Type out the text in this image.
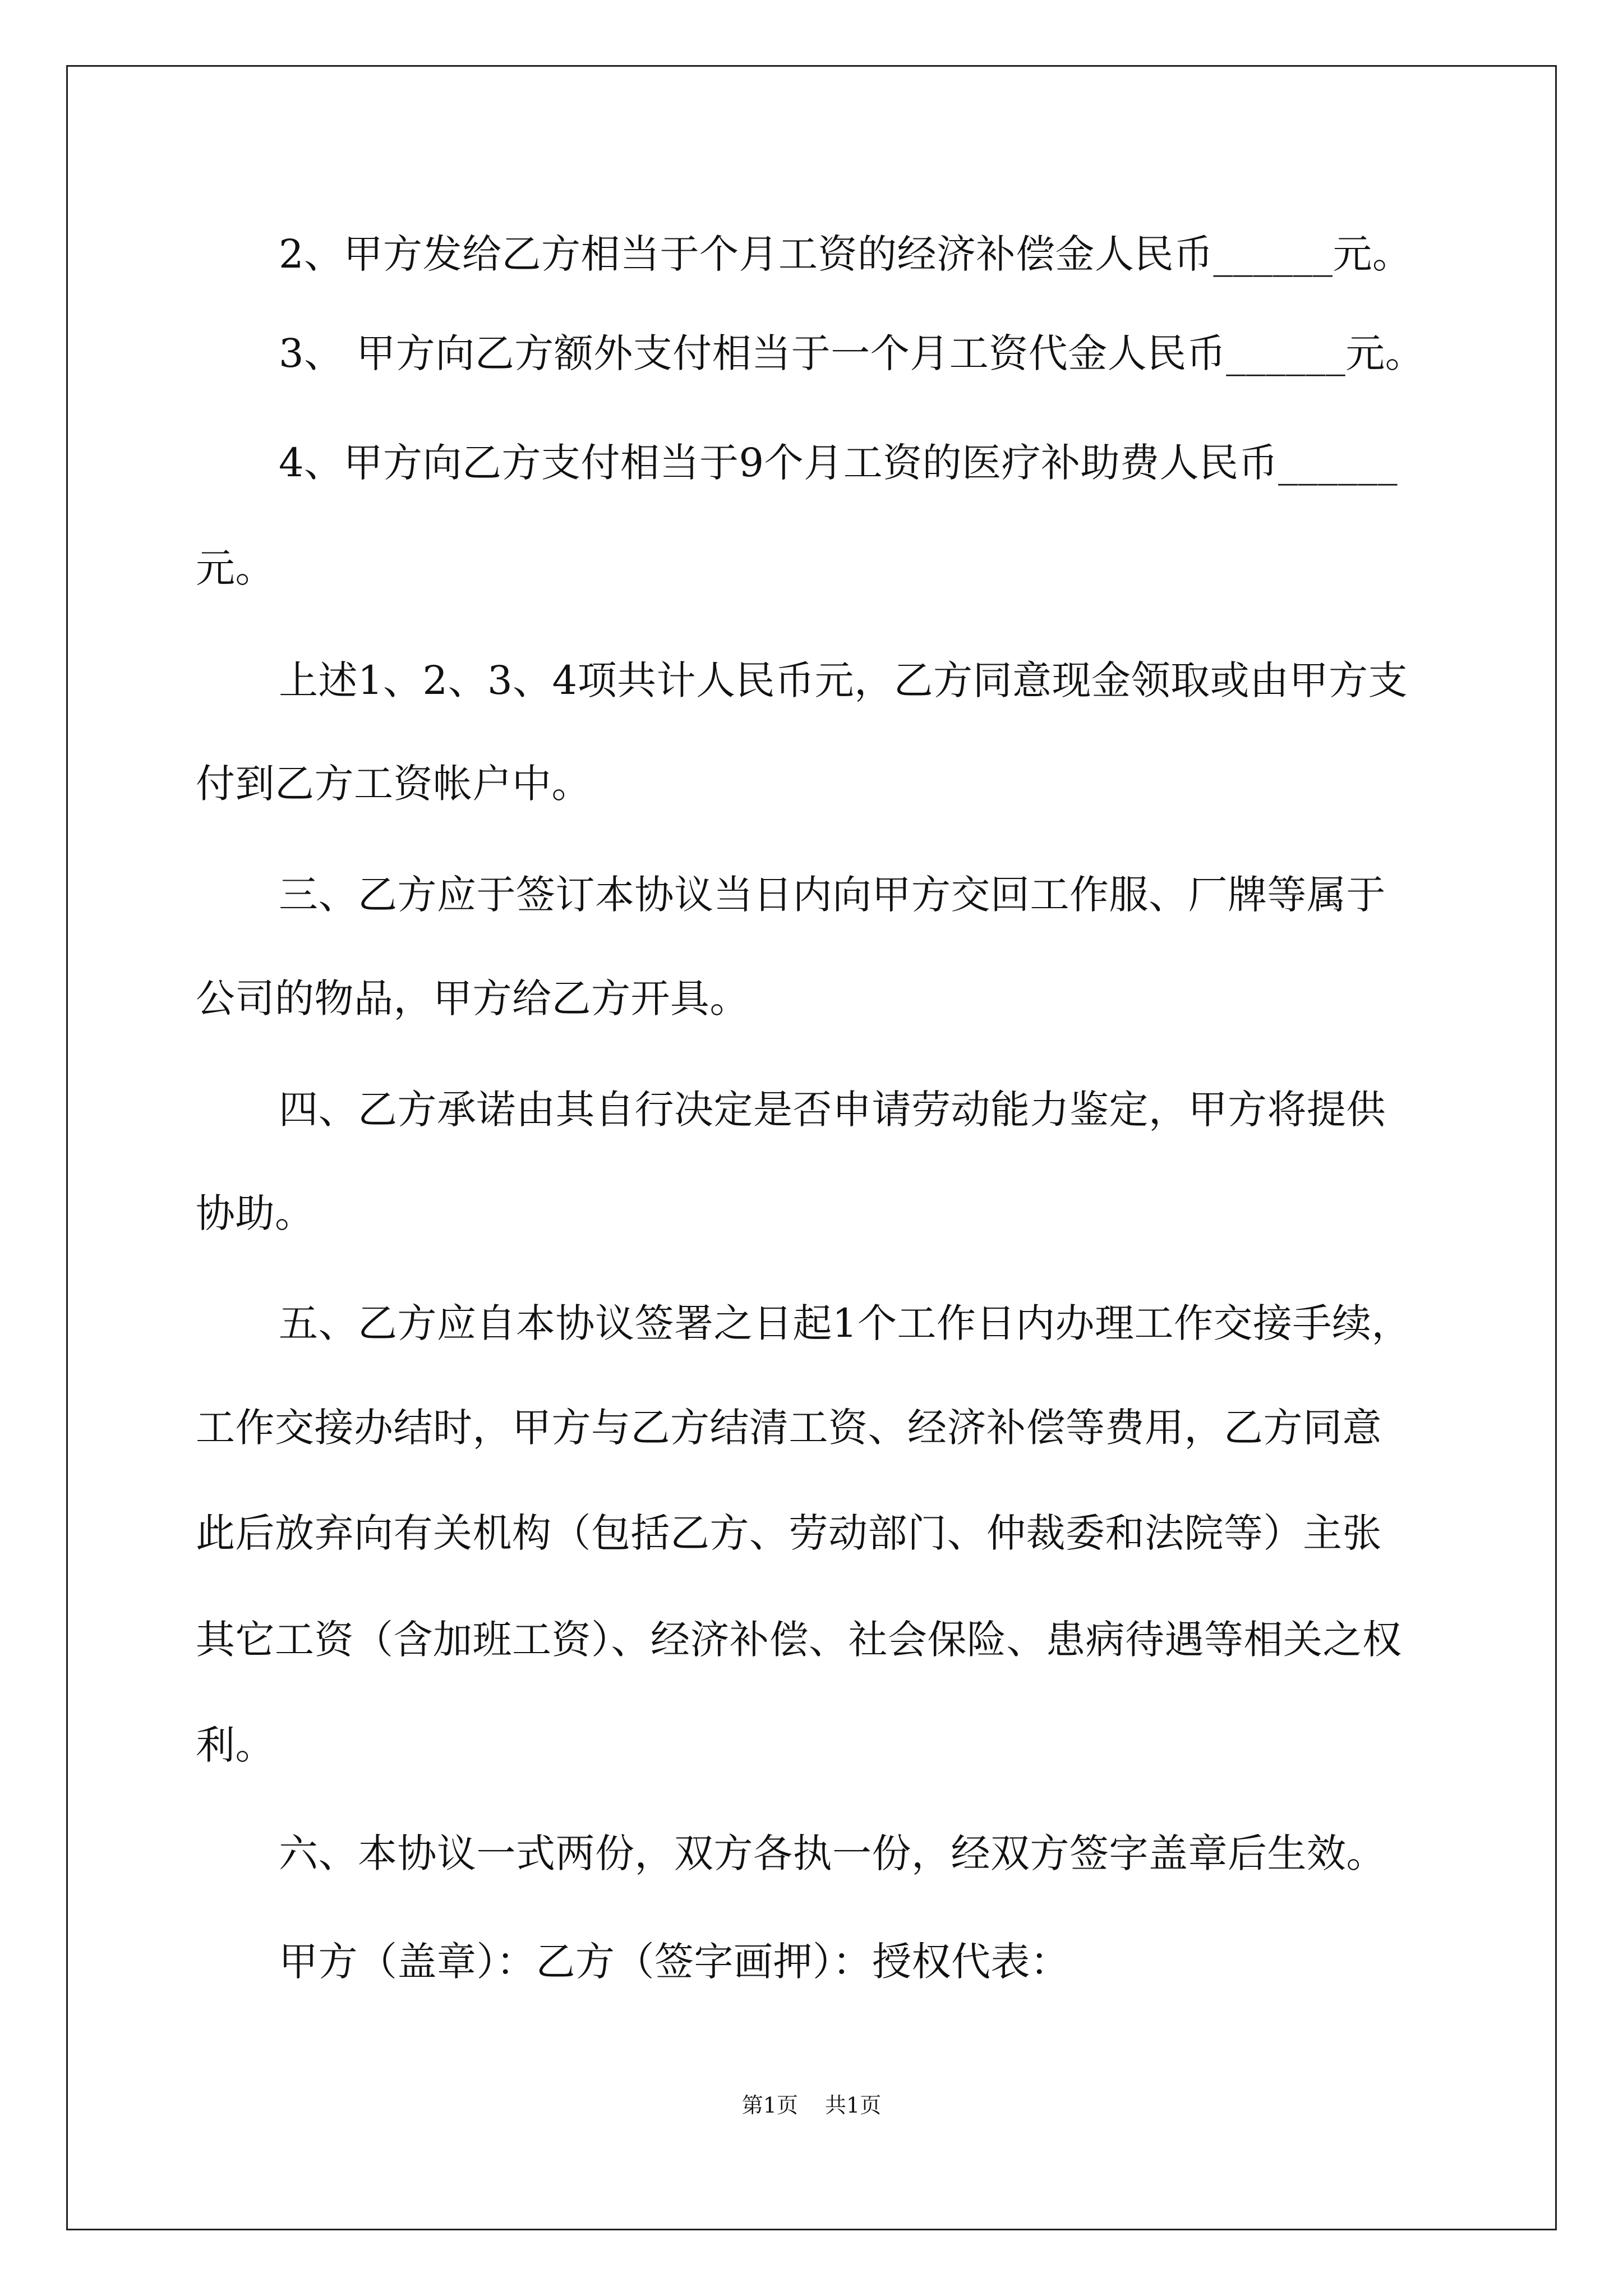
2、甲方发给乙方相当于个月工资的经济补偿金人民币______元。
3、 甲方向乙方额外支付相当于一个月工资代金人民币______元。
4、甲方向乙方支付相当于9个月工资的医疗补助费人民币______
元。
上述1、2、3、4项共计人民币元，乙方同意现金领取或由甲方支
付到乙方工资帐户中。
三、乙方应于签订本协议当日内向甲方交回工作服、厂牌等属于
公司的物品，甲方给乙方开具。
四、乙方承诺由其自行决定是否申请劳动能力鉴定，甲方将提供
协助。
五、乙方应自本协议签署之日起1个工作日内办理工作交接手续，
工作交接办结时，甲方与乙方结清工资、经济补偿等费用，乙方同意
此后放弃向有关机构（包括乙方、劳动部门、仲裁委和法院等）主张
其它工资（含加班工资）、经济补偿、社会保险、患病待遇等相关之权
利。
六、本协议一式两份，双方各执一份，经双方签字盖章后生效。
甲方（盖章）：乙方（签字画押）：授权代表：
第1页 共1页
